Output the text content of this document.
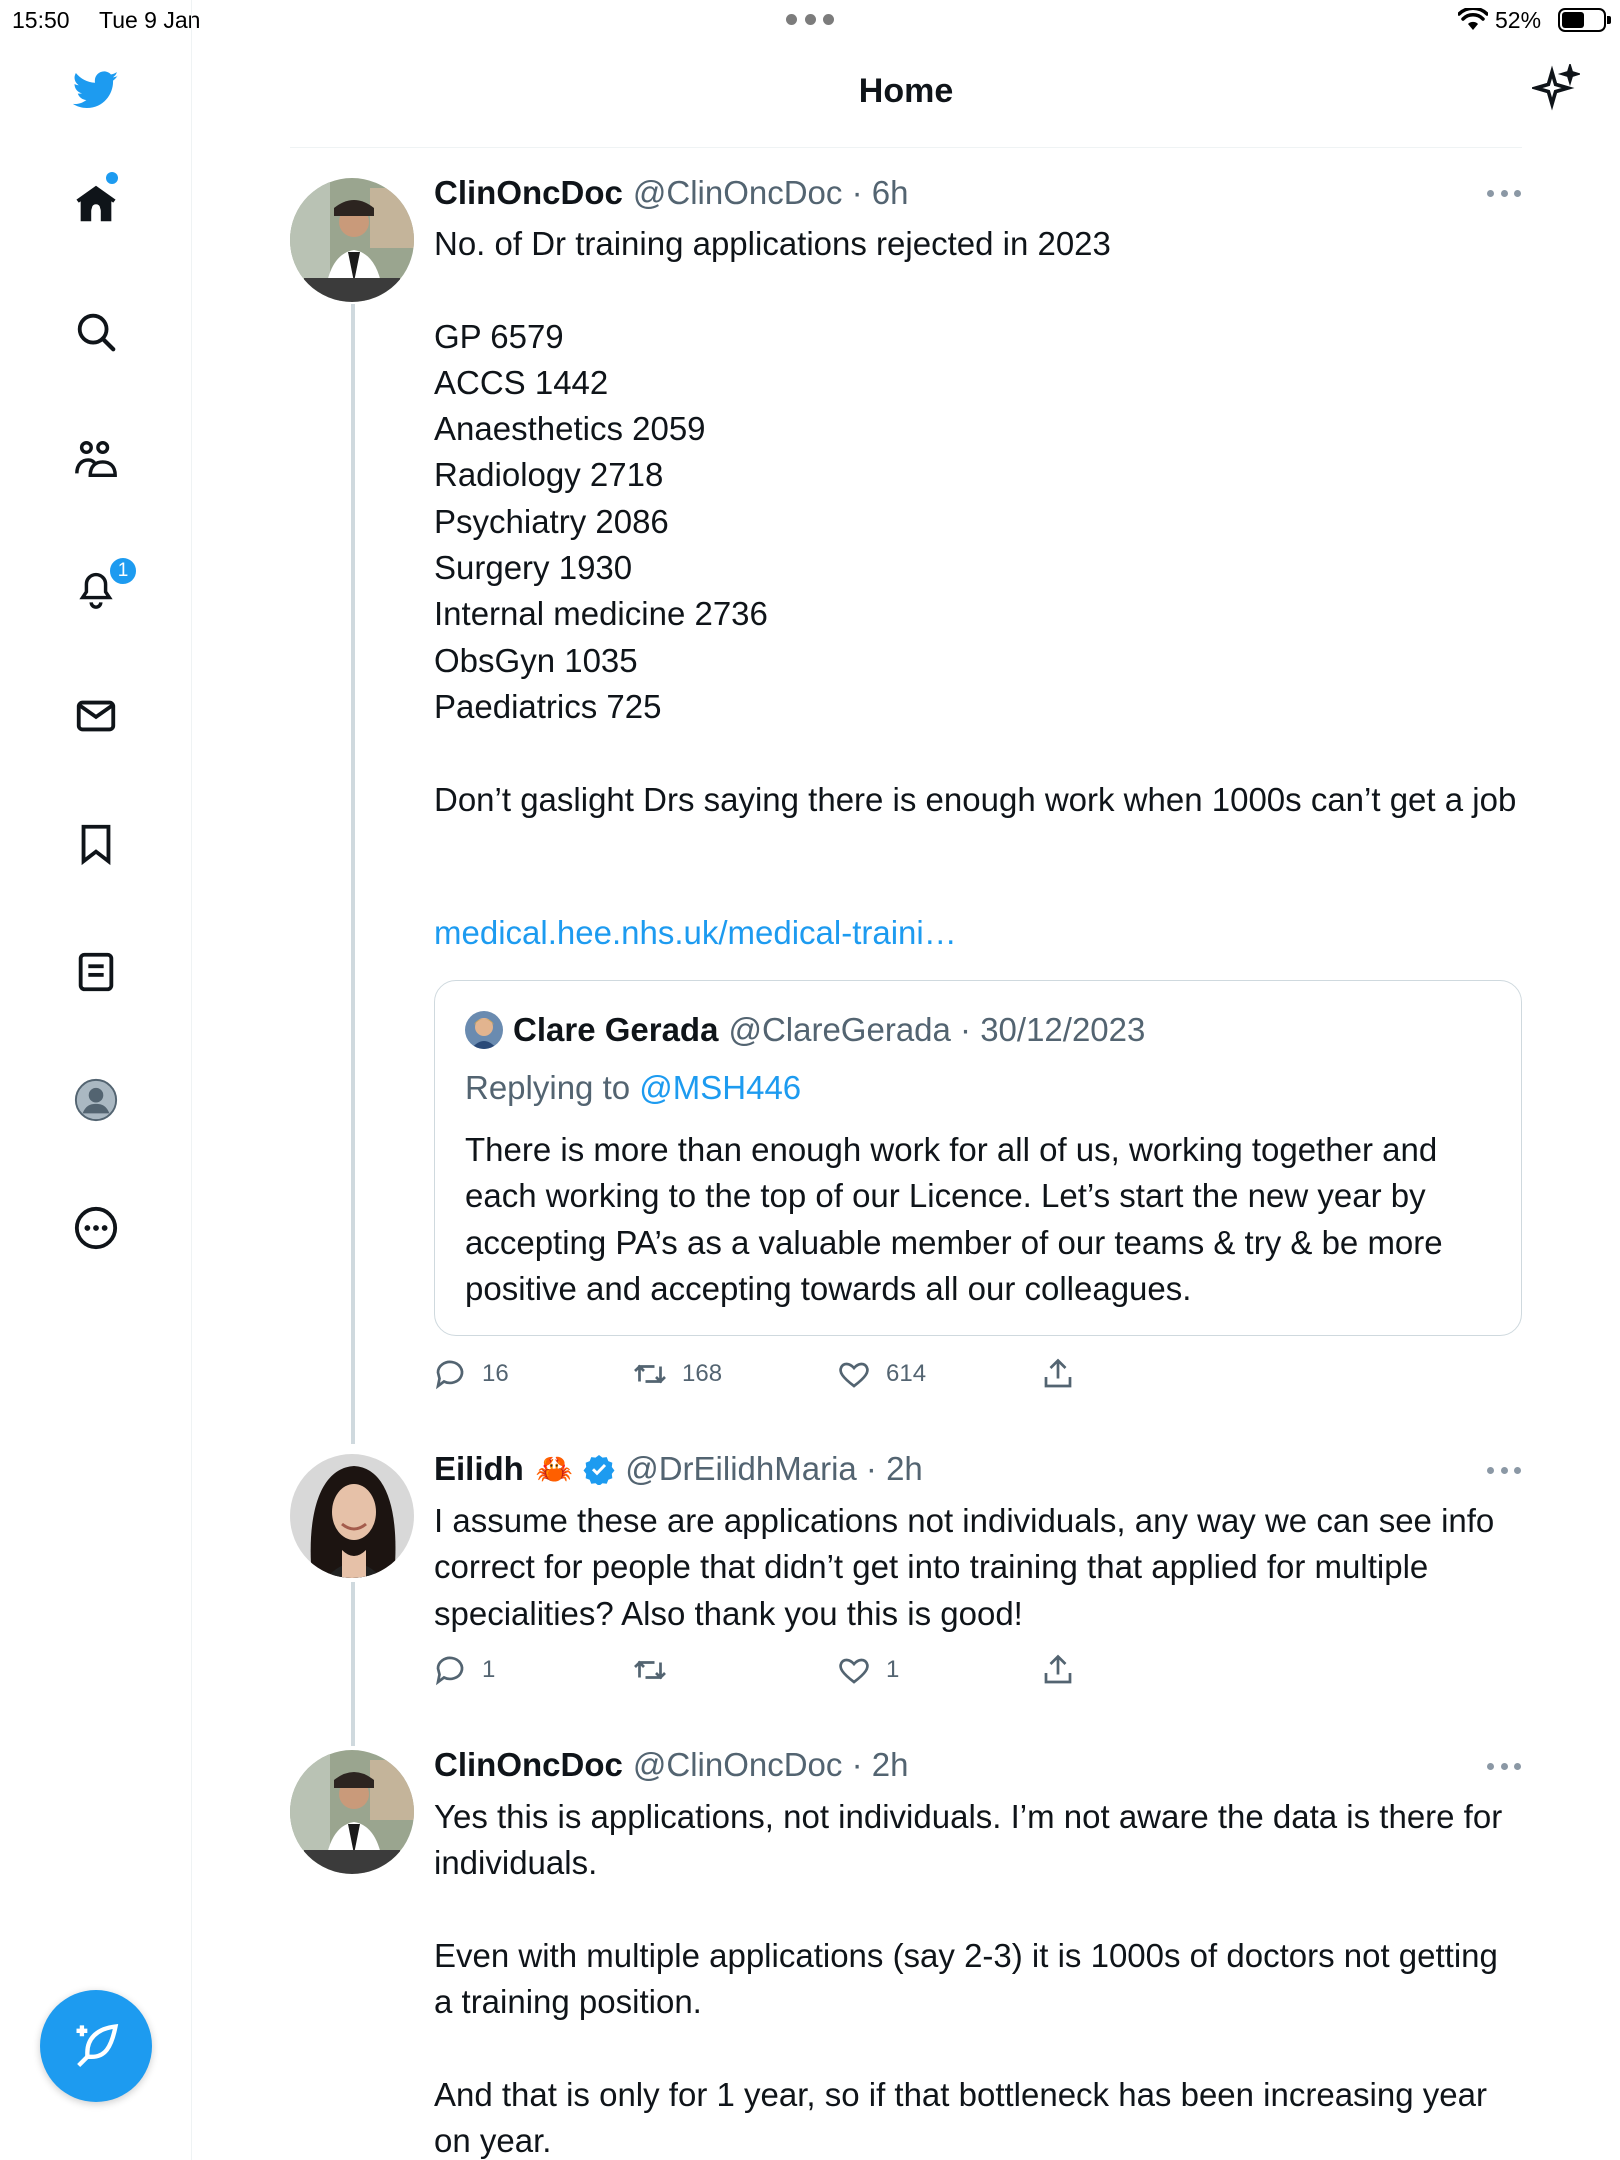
15:50 Tue 9 Jan	52%
1
Home
ClinOncDoc @ClinOncDoc · 6h
No. of Dr training applications rejected in 2023

GP 6579
ACCS 1442
Anaesthetics 2059
Radiology 2718
Psychiatry 2086
Surgery 1930
Internal medicine 2736
ObsGyn 1035
Paediatrics 725

Don’t gaslight Drs saying there is enough work when 1000s can’t get a job
medical.hee.nhs.uk/medical-traini…
Clare Gerada @ClareGerada · 30/12/2023
Replying to @MSH446
There is more than enough work for all of us, working together and each working to the top of our Licence. Let’s start the new year by accepting PA’s as a valuable member of our teams & try & be more positive and accepting towards all our colleagues.
16	168	614
Eilidh 🦀 @DrEilidhMaria · 2h
I assume these are applications not individuals, any way we can see info correct for people that didn’t get into training that applied for multiple specialities? Also thank you this is good!
1	1
ClinOncDoc @ClinOncDoc · 2h
Yes this is applications, not individuals. I’m not aware the data is there for individuals.

Even with multiple applications (say 2-3) it is 1000s of doctors not getting a training position.

And that is only for 1 year, so if that bottleneck has been increasing year on year.
